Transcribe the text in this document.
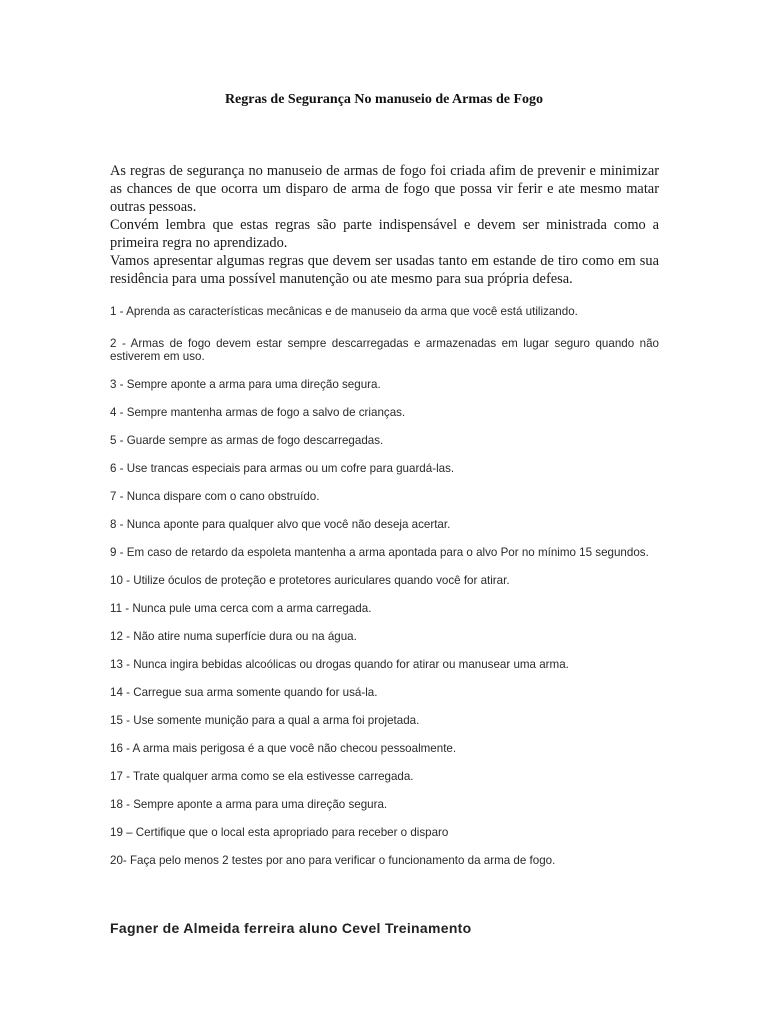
Regras de Segurança No manuseio de Armas de Fogo

As regras de segurança no manuseio de armas de fogo foi criada afim de prevenir e minimizar as chances de que ocorra um disparo de arma de fogo que possa vir ferir e ate mesmo matar outras pessoas.

Convém lembra que estas regras são parte indispensável e devem ser ministrada como a primeira regra no aprendizado.

Vamos apresentar algumas regras que devem ser usadas tanto em estande de tiro como em sua residência para uma possível manutenção ou ate mesmo para sua própria defesa.

1 - Aprenda as características mecânicas e de manuseio da arma que você está utilizando.
2 - Armas de fogo devem estar sempre descarregadas e armazenadas em lugar seguro quando não estiverem em uso.
3 - Sempre aponte a arma para uma direção segura.
4 - Sempre mantenha armas de fogo a salvo de crianças.
5 - Guarde sempre as armas de fogo descarregadas.
6 - Use trancas especiais para armas ou um cofre para guardá-las.
7 - Nunca dispare com o cano obstruído.
8 - Nunca aponte para qualquer alvo que você não deseja acertar.
9 - Em caso de retardo da espoleta mantenha a arma apontada para o alvo Por no mínimo 15 segundos.
10 - Utilize óculos de proteção e protetores auriculares quando você for atirar.
11 - Nunca pule uma cerca com a arma carregada.
12 - Não atire numa superfície dura ou na água.
13 - Nunca ingira bebidas alcoólicas ou drogas quando for atirar ou manusear uma arma.
14 - Carregue sua arma somente quando for usá-la.
15 - Use somente munição para a qual a arma foi projetada.
16 - A arma mais perigosa é a que você não checou pessoalmente.
17 - Trate qualquer arma como se ela estivesse carregada.
18 - Sempre aponte a arma para uma direção segura.
19 – Certifique que o local esta apropriado para receber o disparo
20- Faça pelo menos 2 testes por ano para verificar o funcionamento da arma de fogo.
Fagner de Almeida ferreira aluno Cevel Treinamento
